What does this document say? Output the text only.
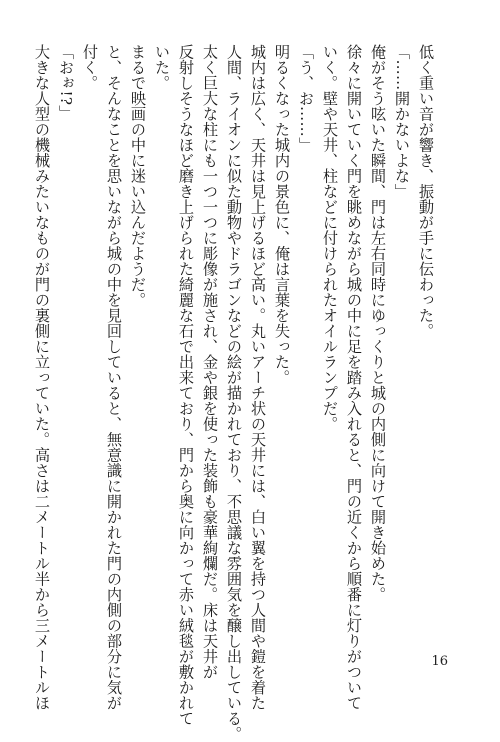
低く重い音が響き、振動が手に伝わった。

「……開かないよな」

俺がそう呟いた瞬間、門は左右同時にゆっくりと城の内側に向けて開き始めた。

徐々に開いていく門を眺めながら城の中に足を踏み入れると、門の近くから順番に灯りがついて

いく。壁や天井、柱などに付けられたオイルランプだ。

「う、お……」

明るくなった城内の景色に、俺は言葉を失った。

城内は広く、天井は見上げるほど高い。丸いアーチ状の天井には、白い翼を持つ人間や鎧を着た

人間、ライオンに似た動物やドラゴンなどの絵が描かれており、不思議な雰囲気を醸し出している。

太く巨大な柱にも一つ一つに彫像が施され、金や銀を使った装飾も豪華絢爛だ。床は天井が

反射しそうなほど磨き上げられた綺麗な石で出来ており、門から奥に向かって赤い絨毯が敷かれて

いた。

まるで映画の中に迷い込んだようだ。

と、そんなことを思いながら城の中を見回していると、無意識に開かれた門の内側の部分に気が

付く。

「おぉ!?」

大きな人型の機械みたいなものが門の裏側に立っていた。高さは二メートル半から三メートルほ	16
